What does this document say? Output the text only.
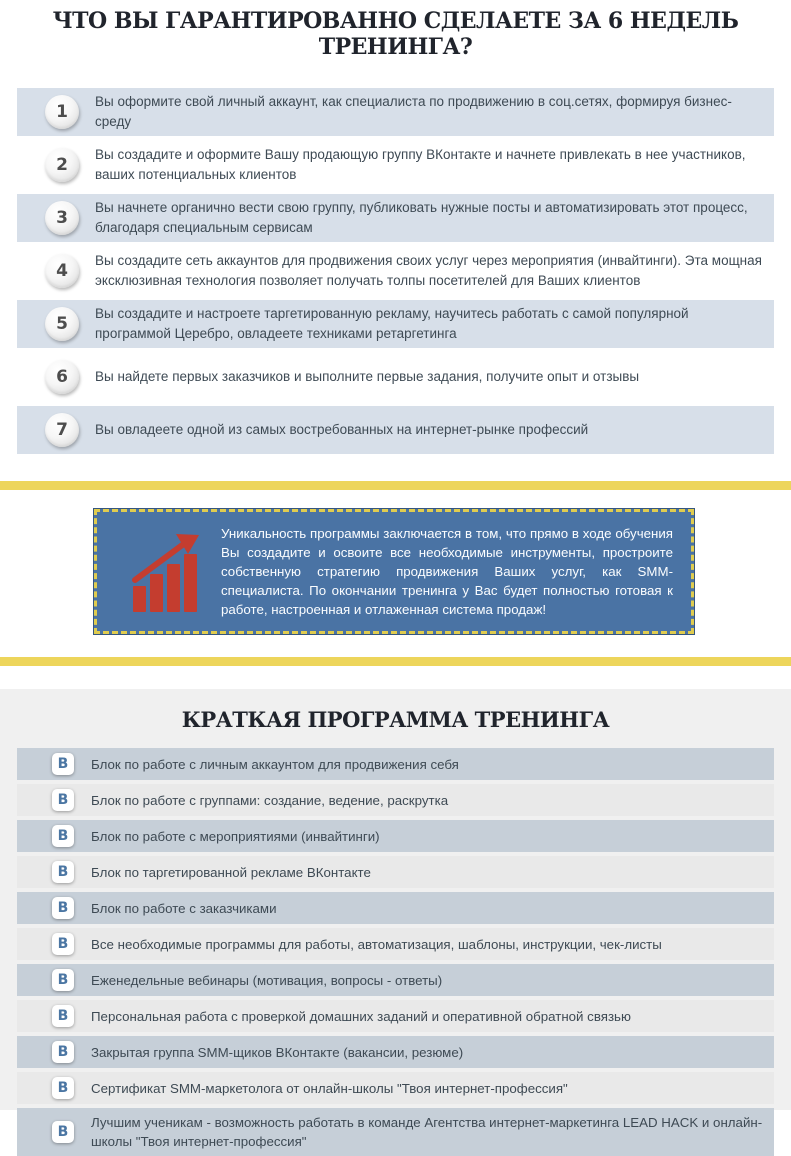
ЧТО ВЫ ГАРАНТИРОВАННО СДЕЛАЕТЕ ЗА 6 НЕДЕЛЬ ТРЕНИНГА?
1
Вы оформите свой личный аккаунт, как специалиста по продвижению в соц.сетях, формируя бизнес-среду
2
Вы создадите и оформите Вашу продающую группу ВКонтакте и начнете привлекать в нее участников, ваших потенциальных клиентов
3
Вы начнете органично вести свою группу, публиковать нужные посты и автоматизировать этот процесс, благодаря специальным сервисам
4
Вы создадите сеть аккаунтов для продвижения своих услуг через мероприятия (инвайтинги). Эта мощная эксклюзивная технология позволяет получать толпы посетителей для Ваших клиентов
5
Вы создадите и настроете таргетированную рекламу, научитесь работать с самой популярной программой Церебро, овладеете техниками ретаргетинга
6 Вы найдете первых заказчиков и выполните первые задания, получите опыт и отзывы
7 Вы овладеете одной из самых востребованных на интернет-рынке профессий
Уникальность программы заключается в том, что прямо в ходе обучения Вы создадите и освоите все необходимые инструменты, простроите собственную стратегию продвижения Ваших услуг, как SMM-специалиста. По окончании тренинга у Вас будет полностью готовая к работе, настроенная и отлаженная система продаж!
КРАТКАЯ ПРОГРАММА ТРЕНИНГА
В Блок по работе с личным аккаунтом для продвижения себя
В Блок по работе с группами: создание, ведение, раскрутка
В Блок по работе с мероприятиями (инвайтинги)
В Блок по таргетированной рекламе ВКонтакте
В Блок по работе с заказчиками
В Все необходимые программы для работы, автоматизация, шаблоны, инструкции, чек-листы
В Еженедельные вебинары (мотивация, вопросы - ответы)
В Персональная работа с проверкой домашних заданий и оперативной обратной связью
В Закрытая группа SMM-щиков ВКонтакте (вакансии, резюме)
В Сертификат SMM-маркетолога от онлайн-школы "Твоя интернет-профессия"
В
Лучшим ученикам - возможность работать в команде Агентства интернет-маркетинга LEAD HACK и онлайн-школы "Твоя интернет-профессия"
